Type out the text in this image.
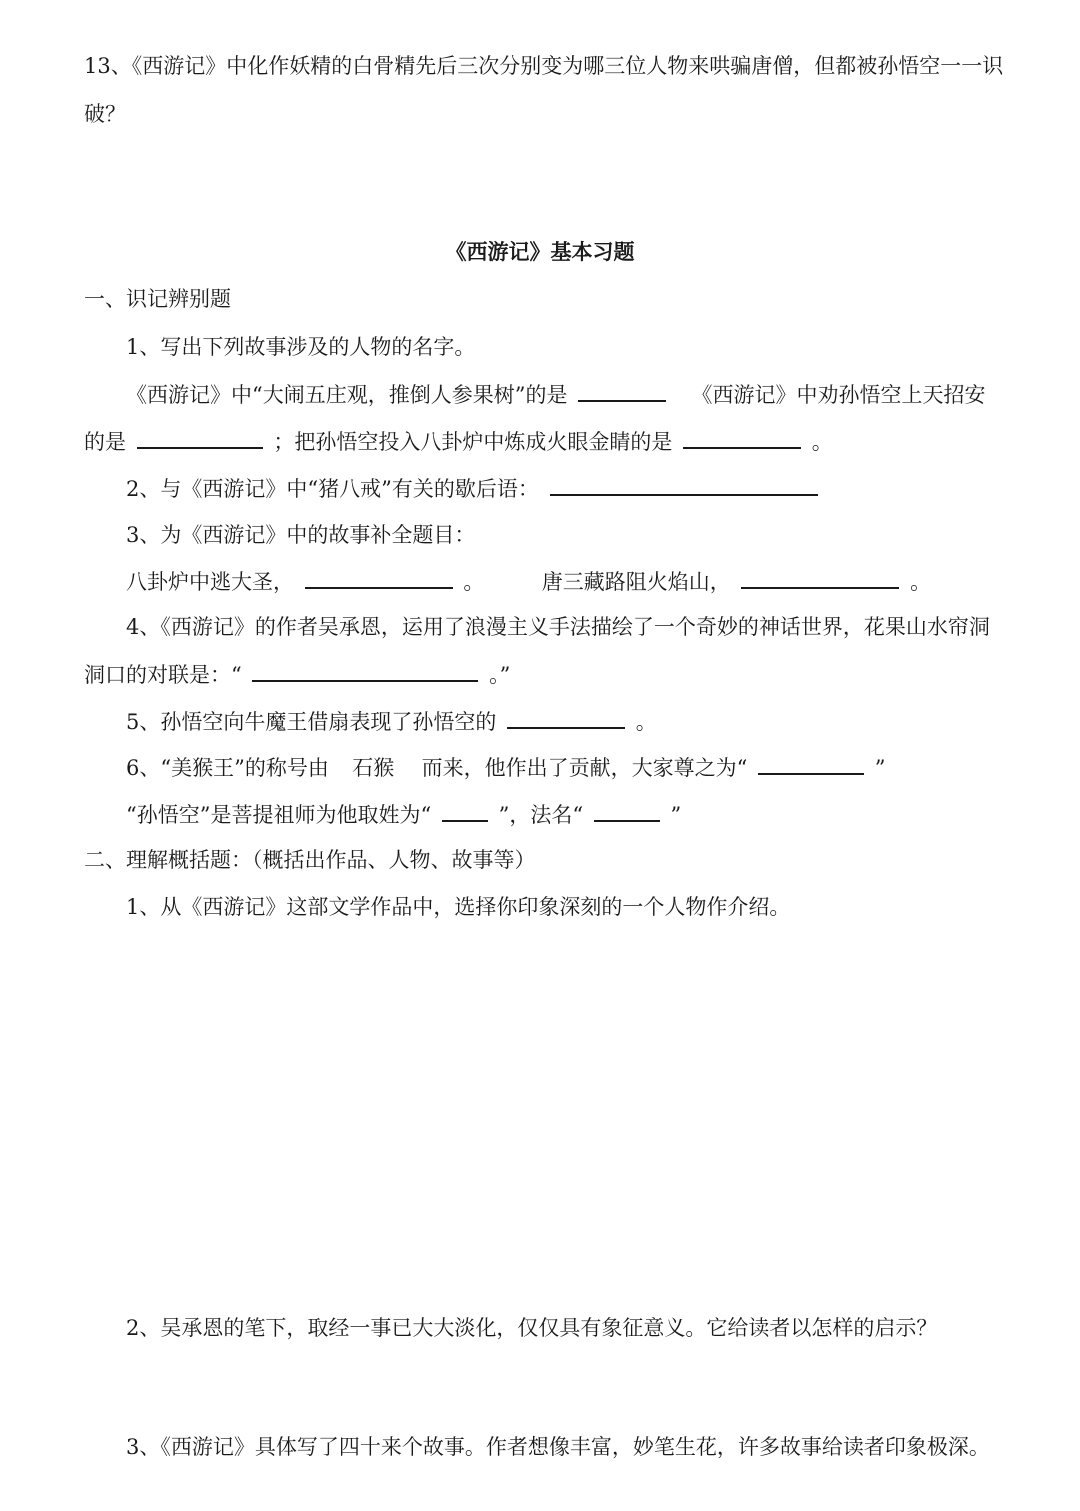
13、《西游记》中化作妖精的白骨精先后三次分别变为哪三位人物来哄骗唐僧，但都被孙悟空一一识
破？
《西游记》基本习题
一、识记辨别题
1、写出下列故事涉及的人物的名字。
《西游记》中“大闹五庄观，推倒人参果树”的是	《西游记》中劝孙悟空上天招安
的是	；把孙悟空投入八卦炉中炼成火眼金睛的是	。
2、与《西游记》中“猪八戒”有关的歇后语：
3、为《西游记》中的故事补全题目：
八卦炉中逃大圣，	。	唐三藏路阻火焰山，	。
4、《西游记》的作者吴承恩，运用了浪漫主义手法描绘了一个奇妙的神话世界，花果山水帘洞
洞口的对联是：“	。”
5、孙悟空向牛魔王借扇表现了孙悟空的	。
6、“美猴王”的称号由 石猴 而来，他作出了贡献，大家尊之为“	”
“孙悟空”是菩提祖师为他取姓为“	”，法名“	”
二、理解概括题：（概括出作品、人物、故事等）
1、从《西游记》这部文学作品中，选择你印象深刻的一个人物作介绍。
2、吴承恩的笔下，取经一事已大大淡化，仅仅具有象征意义。它给读者以怎样的启示？
3、《西游记》具体写了四十来个故事。作者想像丰富，妙笔生花，许多故事给读者印象极深。
